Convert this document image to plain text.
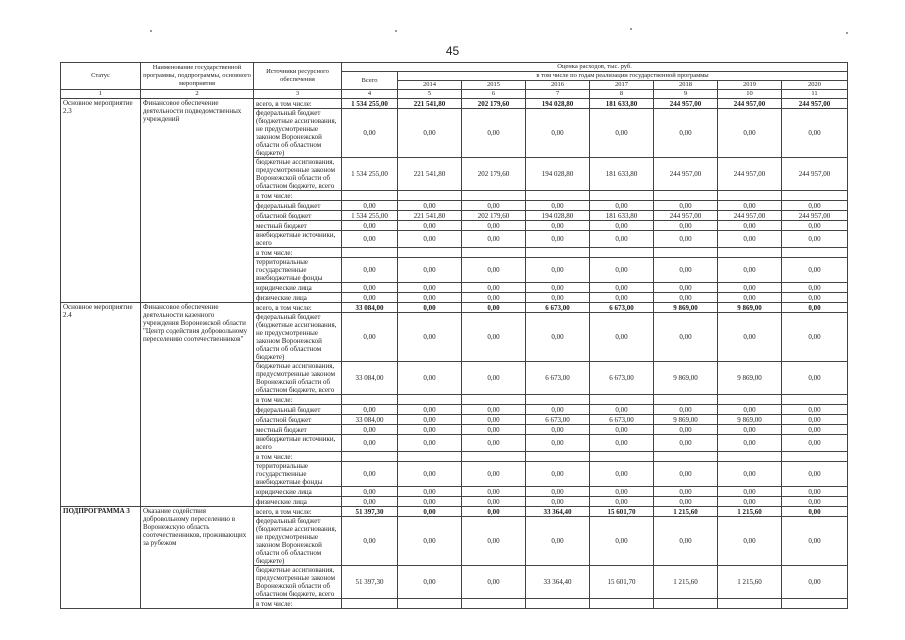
45
Статус	Наименование государственной программы, подпрограммы, основного мероприятия	Источники ресурсного обеспечения	Оценка расходов, тыс. руб.							
			Всего	в том числе по годам реализации государственной программы						
				2014	2015	2016	2017	2018	2019	2020
1	2	3	4	5	6	7	8	9	10	11
Основное мероприятие 2.3	Финансовое обеспечение деятельности подведомственных учреждений	всего, в том числе:	1 534 255,00	221 541,80	202 179,60	194 028,80	181 633,80	244 957,00	244 957,00	244 957,00
		федеральный бюджет (бюджетные ассигнования, не предусмотренные законом Воронежской области об областном бюджете)	0,00	0,00	0,00	0,00	0,00	0,00	0,00	0,00
		бюджетные ассигнования, предусмотренные законом Воронежской области об областном бюджете, всего	1 534 255,00	221 541,80	202 179,60	194 028,80	181 633,80	244 957,00	244 957,00	244 957,00
		в том числе:								
		федеральный бюджет	0,00	0,00	0,00	0,00	0,00	0,00	0,00	0,00
		областной бюджет	1 534 255,00	221 541,80	202 179,60	194 028,80	181 633,80	244 957,00	244 957,00	244 957,00
		местный бюджет	0,00	0,00	0,00	0,00	0,00	0,00	0,00	0,00
		внебюджетные источники, всего	0,00	0,00	0,00	0,00	0,00	0,00	0,00	0,00
		в том числе:								
		территориальные государственные внебюджетные фонды	0,00	0,00	0,00	0,00	0,00	0,00	0,00	0,00
		юридические лица	0,00	0,00	0,00	0,00	0,00	0,00	0,00	0,00
		физические лица	0,00	0,00	0,00	0,00	0,00	0,00	0,00	0,00
Основное мероприятие 2.4	Финансовое обеспечение деятельности казенного учреждения Воронежской области "Центр содействия добровольному переселению соотечественников"	всего, в том числе:	33 084,00	0,00	0,00	6 673,00	6 673,00	9 869,00	9 869,00	0,00
		федеральный бюджет (бюджетные ассигнования, не предусмотренные законом Воронежской области об областном бюджете)	0,00	0,00	0,00	0,00	0,00	0,00	0,00	0,00
		бюджетные ассигнования, предусмотренные законом Воронежской области об областном бюджете, всего	33 084,00	0,00	0,00	6 673,00	6 673,00	9 869,00	9 869,00	0,00
		в том числе:								
		федеральный бюджет	0,00	0,00	0,00	0,00	0,00	0,00	0,00	0,00
		областной бюджет	33 084,00	0,00	0,00	6 673,00	6 673,00	9 869,00	9 869,00	0,00
		местный бюджет	0,00	0,00	0,00	0,00	0,00	0,00	0,00	0,00
		внебюджетные источники, всего	0,00	0,00	0,00	0,00	0,00	0,00	0,00	0,00
		в том числе:								
		территориальные государственные внебюджетные фонды	0,00	0,00	0,00	0,00	0,00	0,00	0,00	0,00
		юридические лица	0,00	0,00	0,00	0,00	0,00	0,00	0,00	0,00
		физические лица	0,00	0,00	0,00	0,00	0,00	0,00	0,00	0,00
ПОДПРОГРАММА 3	Оказание содействия добровольному переселению в Воронежскую область соотечественников, проживающих за рубежом	всего, в том числе:	51 397,30	0,00	0,00	33 364,40	15 601,70	1 215,60	1 215,60	0,00
		федеральный бюджет (бюджетные ассигнования, не предусмотренные законом Воронежской области об областном бюджете)	0,00	0,00	0,00	0,00	0,00	0,00	0,00	0,00
		бюджетные ассигнования, предусмотренные законом Воронежской области об областном бюджете, всего	51 397,30	0,00	0,00	33 364,40	15 601,70	1 215,60	1 215,60	0,00
		в том числе:								
